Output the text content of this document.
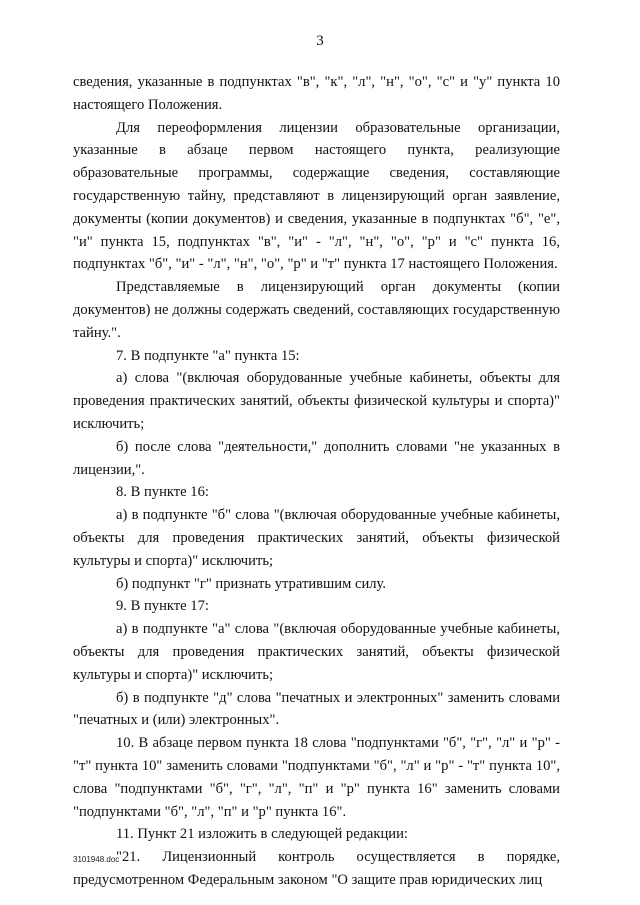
3

сведения, указанные в подпунктах "в", "к", "л", "н", "о", "с" и "у" пункта 10 настоящего Положения.

Для переоформления лицензии образовательные организации, указанные в абзаце первом настоящего пункта, реализующие образовательные программы, содержащие сведения, составляющие государственную тайну, представляют в лицензирующий орган заявление, документы (копии документов) и сведения, указанные в подпунктах "б", "е", "и" пункта 15, подпунктах "в", "и" - "л", "н", "о", "р" и "с" пункта 16, подпунктах "б", "и" - "л", "н", "о", "р" и "т" пункта 17 настоящего Положения.

Представляемые в лицензирующий орган документы (копии документов) не должны содержать сведений, составляющих государственную тайну.".

7. В подпункте "а" пункта 15:

а) слова "(включая оборудованные учебные кабинеты, объекты для проведения практических занятий, объекты физической культуры и спорта)" исключить;

б) после слова "деятельности," дополнить словами "не указанных в лицензии,".

8. В пункте 16:

а) в подпункте "б" слова "(включая оборудованные учебные кабинеты, объекты для проведения практических занятий, объекты физической культуры и спорта)" исключить;

б) подпункт "г" признать утратившим силу.

9. В пункте 17:

а) в подпункте "а" слова "(включая оборудованные учебные кабинеты, объекты для проведения практических занятий, объекты физической культуры и спорта)" исключить;

б) в подпункте "д" слова "печатных и электронных" заменить словами "печатных и (или) электронных".

10. В абзаце первом пункта 18 слова "подпунктами "б", "г", "л" и "р" - "т" пункта 10" заменить словами "подпунктами "б", "л" и "р" - "т" пункта 10", слова "подпунктами "б", "г", "л", "п" и "р" пункта 16" заменить словами "подпунктами "б", "л", "п" и "р" пункта 16".

11. Пункт 21 изложить в следующей редакции:

"21. Лицензионный контроль осуществляется в порядке, предусмотренном Федеральным законом "О защите прав юридических лиц

3101948.doc
